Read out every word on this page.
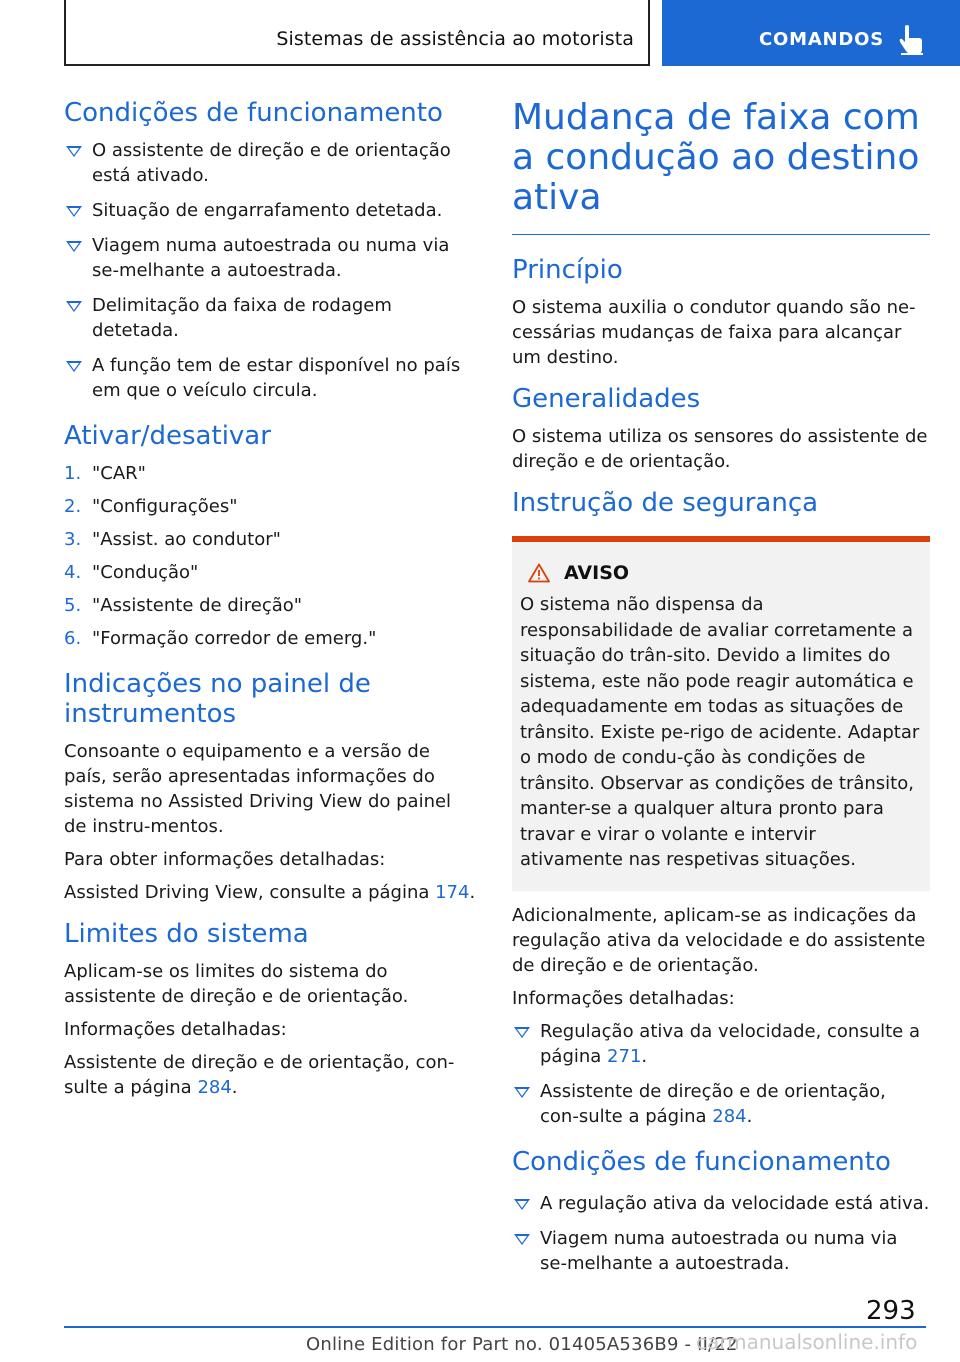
Sistemas de assistência ao motorista	COMANDOS
Condições de funcionamento
O assistente de direção e de orientação está ativado.
Situação de engarrafamento detetada.
Viagem numa autoestrada ou numa via se-melhante a autoestrada.
Delimitação da faixa de rodagem detetada.
A função tem de estar disponível no país em que o veículo circula.
Ativar/desativar
1. "CAR"
2. "Configurações"
3. "Assist. ao condutor"
4. "Condução"
5. "Assistente de direção"
6. "Formação corredor de emerg."
Indicações no painel de instrumentos

Consoante o equipamento e a versão de país, serão apresentadas informações do sistema no Assisted Driving View do painel de instru-mentos.

Para obter informações detalhadas:

Assisted Driving View, consulte a página 174.

Limites do sistema

Aplicam-se os limites do sistema do assistente de direção e de orientação.

Informações detalhadas:

Assistente de direção e de orientação, con-sulte a página 284.

Mudança de faixa com a condução ao destino ativa
Princípio

O sistema auxilia o condutor quando são ne-cessárias mudanças de faixa para alcançar um destino.

Generalidades

O sistema utiliza os sensores do assistente de direção e de orientação.

Instrução de segurança
AVISO

O sistema não dispensa da responsabilidade de avaliar corretamente a situação do trân-sito. Devido a limites do sistema, este não pode reagir automática e adequadamente em todas as situações de trânsito. Existe pe-rigo de acidente. Adaptar o modo de condu-ção às condições de trânsito. Observar as condições de trânsito, manter-se a qualquer altura pronto para travar e virar o volante e intervir ativamente nas respetivas situações.

Adicionalmente, aplicam-se as indicações da regulação ativa da velocidade e do assistente de direção e de orientação.

Informações detalhadas:

Regulação ativa da velocidade, consulte a página 271.
Assistente de direção e de orientação, con-sulte a página 284.
Condições de funcionamento
A regulação ativa da velocidade está ativa.
Viagem numa autoestrada ou numa via se-melhante a autoestrada.
293
Online Edition for Part no. 01405A536B9 - II/22
carmanualsonline.info
